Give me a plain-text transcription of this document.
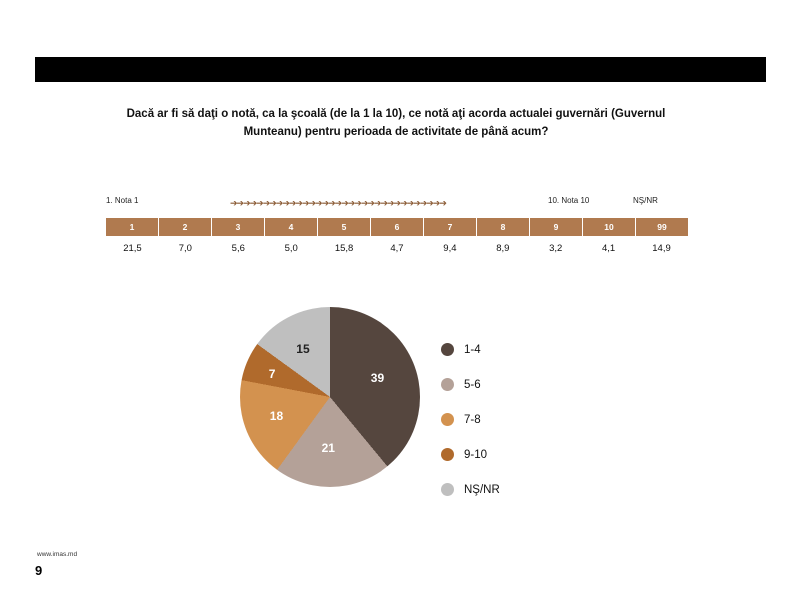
Dacă ar fi să daţi o notă, ca la şcoală (de la 1 la 10), ce notă aţi acorda actualei guvernări (Guvernul Munteanu) pentru perioada de activitate de până acum?
1. Nota 1	➔➔➔➔➔➔➔➔➔➔➔➔➔➔➔➔➔➔➔➔➔➔➔➔➔➔➔➔➔➔➔➔➔	10. Nota 10	NŞ/NR
1	2	3	4	5	6	7	8	9	10	99
21,5	7,0	5,6	5,0	15,8	4,7	9,4	8,9	3,2	4,1	14,9
39
21
18
7
15	1-4
5-6
7-8
9-10
NŞ/NR
www.imas.md
9
